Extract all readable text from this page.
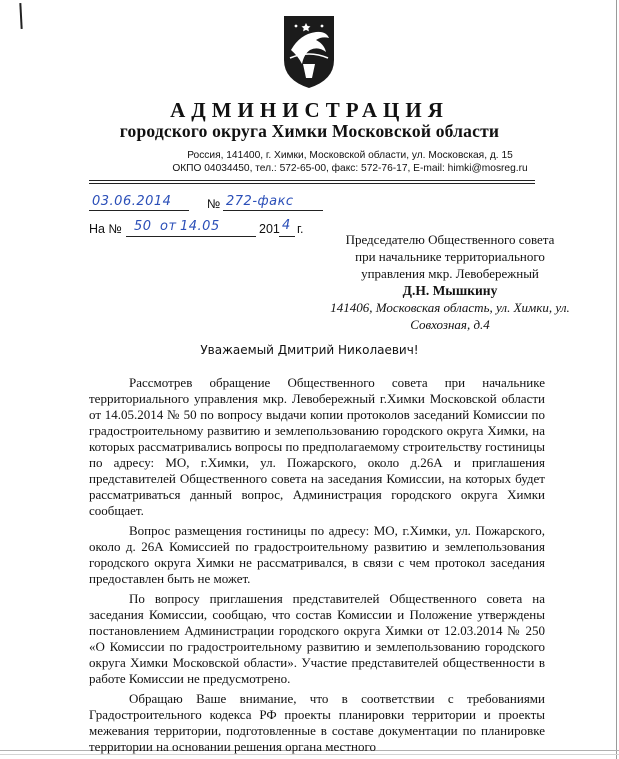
АДМИНИСТРАЦИЯ
городского округа Химки Московской области
Россия, 141400, г. Химки, Московской области, ул. Московская, д. 15
ОКПО 04034450, тел.: 572-65-00, факс: 572-76-17, E-mail: himki@mosreg.ru
03.06.2014	№ 272-факс
На № 50 от 14.05	201 4 г.
Председателю Общественного совета
при начальнике территориального
управления мкр. Левобережный
Д.Н. Мышкину
141406, Московская область, ул. Химки, ул.
Совхозная, д.4
Уважаемый Дмитрий Николаевич!

Рассмотрев обращение Общественного совета при начальнике территориального управления мкр. Левобережный г.Химки Московской области от 14.05.2014 № 50 по вопросу выдачи копии протоколов заседаний Комиссии по градостроительному развитию и землепользованию городского округа Химки, на которых рассматривались вопросы по предполагаемому строительству гостиницы по адресу: МО, г.Химки, ул. Пожарского, около д.26А и приглашения представителей Общественного совета на заседания Комиссии, на которых будет рассматриваться данный вопрос, Администрация городского округа Химки сообщает.

Вопрос размещения гостиницы по адресу: МО, г.Химки, ул. Пожарского, около д. 26А Комиссией по градостроительному развитию и землепользования городского округа Химки не рассматривался, в связи с чем протокол заседания предоставлен быть не может.

По вопросу приглашения представителей Общественного совета на заседания Комиссии, сообщаю, что состав Комиссии и Положение утверждены постановлением Администрации городского округа Химки от 12.03.2014 № 250 «О Комиссии по градостроительному развитию и землепользованию городского округа Химки Московской области». Участие представителей общественности в работе Комиссии не предусмотрено.

Обращаю Ваше внимание, что в соответствии с требованиями Градостроительного кодекса РФ проекты планировки территории и проекты межевания территории, подготовленные в составе документации по планировке территории на основании решения органа местного
